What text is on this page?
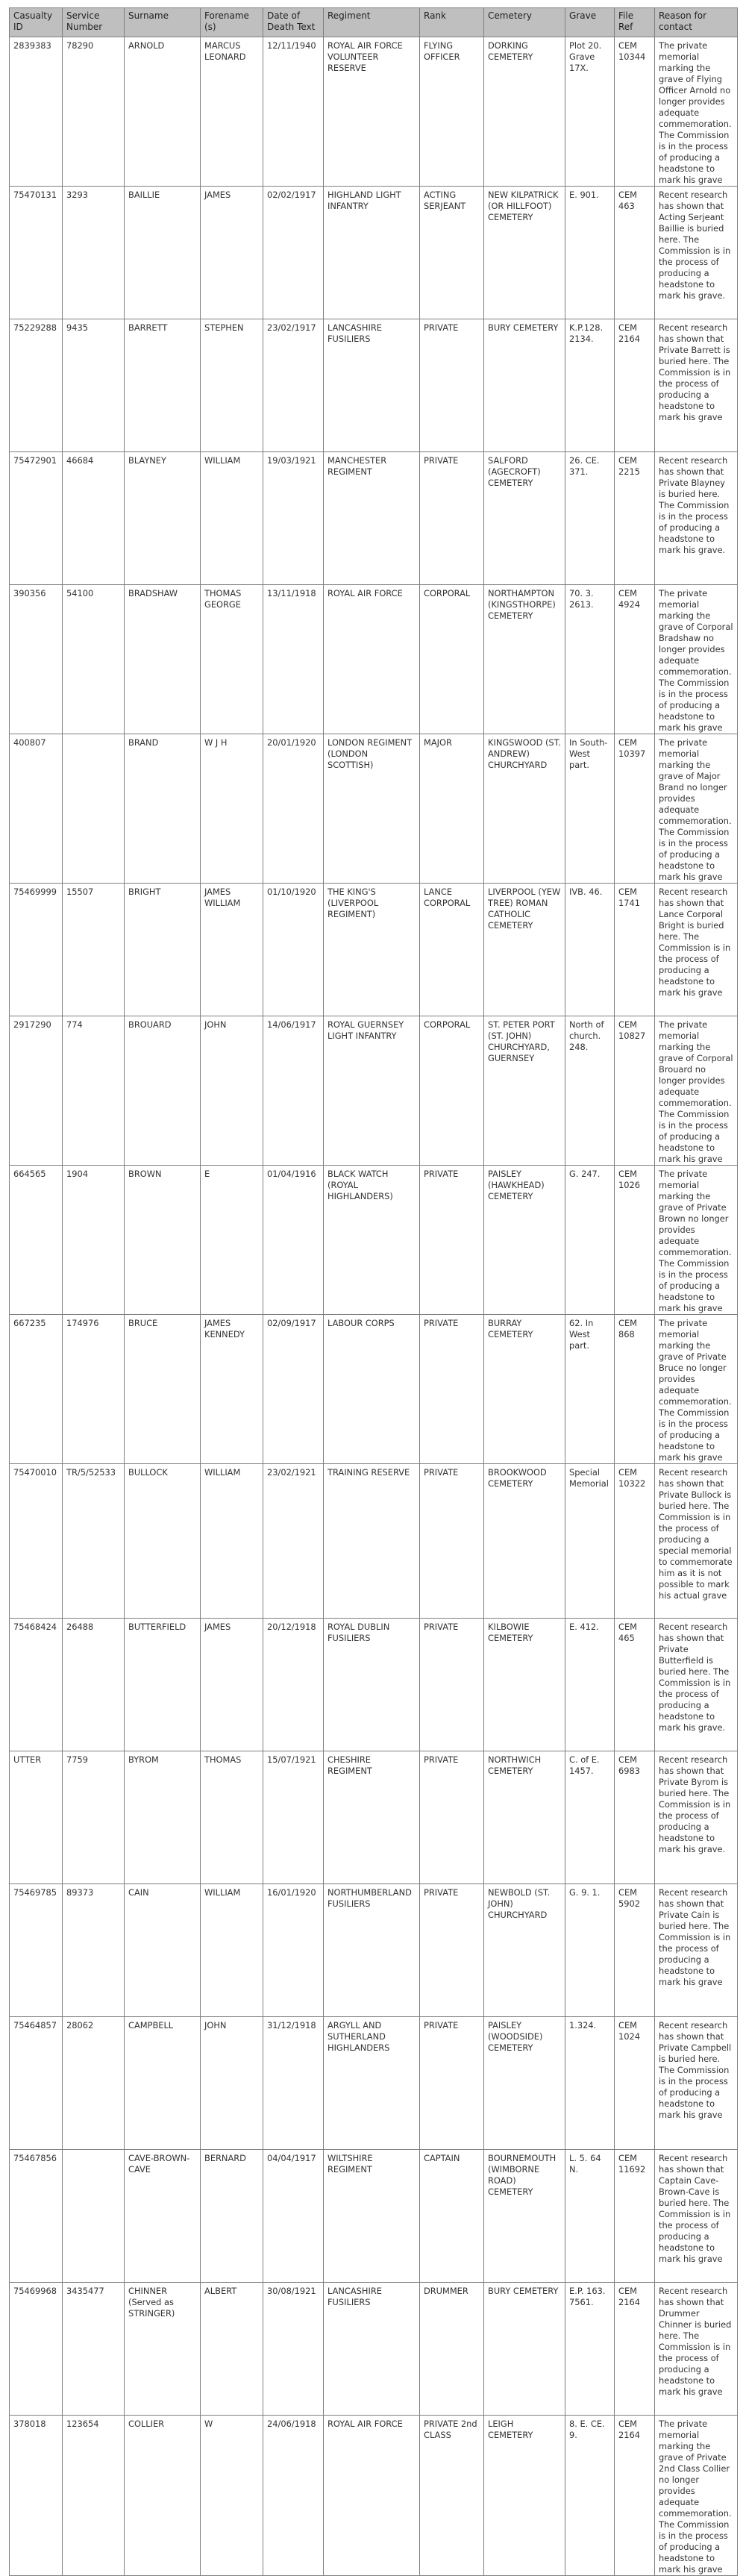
Casualty ID	Service Number	Surname	Forename (s)	Date of Death Text	Regiment	Rank	Cemetery	Grave	File Ref	Reason for contact
2839383	78290	ARNOLD	MARCUS LEONARD	12/11/1940	ROYAL AIR FORCE VOLUNTEER RESERVE	FLYING OFFICER	DORKING CEMETERY	Plot 20. Grave 17X.	CEM 10344	The private memorial marking the grave of Flying Officer Arnold no longer provides adequate commemoration. The Commission is in the process of producing a headstone to mark his grave
75470131	3293	BAILLIE	JAMES	02/02/1917	HIGHLAND LIGHT INFANTRY	ACTING SERJEANT	NEW KILPATRICK (OR HILLFOOT) CEMETERY	E. 901.	CEM 463	Recent research has shown that Acting Serjeant Baillie is buried here. The Commission is in the process of producing a headstone to mark his grave.
75229288	9435	BARRETT	STEPHEN	23/02/1917	LANCASHIRE FUSILIERS	PRIVATE	BURY CEMETERY	K.P.128. 2134.	CEM 2164	Recent research has shown that Private Barrett is buried here. The Commission is in the process of producing a headstone to mark his grave
75472901	46684	BLAYNEY	WILLIAM	19/03/1921	MANCHESTER REGIMENT	PRIVATE	SALFORD (AGECROFT) CEMETERY	26. CE. 371.	CEM 2215	Recent research has shown that Private Blayney is buried here. The Commission is in the process of producing a headstone to mark his grave.
390356	54100	BRADSHAW	THOMAS GEORGE	13/11/1918	ROYAL AIR FORCE	CORPORAL	NORTHAMPTON (KINGSTHORPE) CEMETERY	70. 3. 2613.	CEM 4924	The private memorial marking the grave of Corporal Bradshaw no longer provides adequate commemoration. The Commission is in the process of producing a headstone to mark his grave
400807		BRAND	W J H	20/01/1920	LONDON REGIMENT (LONDON SCOTTISH)	MAJOR	KINGSWOOD (ST. ANDREW) CHURCHYARD	In South-West part.	CEM 10397	The private memorial marking the grave of Major Brand no longer provides adequate commemoration. The Commission is in the process of producing a headstone to mark his grave
75469999	15507	BRIGHT	JAMES WILLIAM	01/10/1920	THE KING'S (LIVERPOOL REGIMENT)	LANCE CORPORAL	LIVERPOOL (YEW TREE) ROMAN CATHOLIC CEMETERY	IVB. 46.	CEM 1741	Recent research has shown that Lance Corporal Bright is buried here. The Commission is in the process of producing a headstone to mark his grave
2917290	774	BROUARD	JOHN	14/06/1917	ROYAL GUERNSEY LIGHT INFANTRY	CORPORAL	ST. PETER PORT (ST. JOHN) CHURCHYARD, GUERNSEY	North of church. 248.	CEM 10827	The private memorial marking the grave of Corporal Brouard no longer provides adequate commemoration. The Commission is in the process of producing a headstone to mark his grave
664565	1904	BROWN	E	01/04/1916	BLACK WATCH (ROYAL HIGHLANDERS)	PRIVATE	PAISLEY (HAWKHEAD) CEMETERY	G. 247.	CEM 1026	The private memorial marking the grave of Private Brown no longer provides adequate commemoration. The Commission is in the process of producing a headstone to mark his grave
667235	174976	BRUCE	JAMES KENNEDY	02/09/1917	LABOUR CORPS	PRIVATE	BURRAY CEMETERY	62. In West part.	CEM 868	The private memorial marking the grave of Private Bruce no longer provides adequate commemoration. The Commission is in the process of producing a headstone to mark his grave
75470010	TR/5/52533	BULLOCK	WILLIAM	23/02/1921	TRAINING RESERVE	PRIVATE	BROOKWOOD CEMETERY	Special Memorial	CEM 10322	Recent research has shown that Private Bullock is buried here. The Commission is in the process of producing a special memorial to commemorate him as it is not possible to mark his actual grave
75468424	26488	BUTTERFIELD	JAMES	20/12/1918	ROYAL DUBLIN FUSILIERS	PRIVATE	KILBOWIE CEMETERY	E. 412.	CEM 465	Recent research has shown that Private Butterfield is buried here. The Commission is in the process of producing a headstone to mark his grave.
UTTER	7759	BYROM	THOMAS	15/07/1921	CHESHIRE REGIMENT	PRIVATE	NORTHWICH CEMETERY	C. of E. 1457.	CEM 6983	Recent research has shown that Private Byrom is buried here. The Commission is in the process of producing a headstone to mark his grave.
75469785	89373	CAIN	WILLIAM	16/01/1920	NORTHUMBERLAND FUSILIERS	PRIVATE	NEWBOLD (ST. JOHN) CHURCHYARD	G. 9. 1.	CEM 5902	Recent research has shown that Private Cain is buried here. The Commission is in the process of producing a headstone to mark his grave
75464857	28062	CAMPBELL	JOHN	31/12/1918	ARGYLL AND SUTHERLAND HIGHLANDERS	PRIVATE	PAISLEY (WOODSIDE) CEMETERY	1.324.	CEM 1024	Recent research has shown that Private Campbell is buried here. The Commission is in the process of producing a headstone to mark his grave
75467856		CAVE-BROWN-CAVE	BERNARD	04/04/1917	WILTSHIRE REGIMENT	CAPTAIN	BOURNEMOUTH (WIMBORNE ROAD) CEMETERY	L. 5. 64 N.	CEM 11692	Recent research has shown that Captain Cave-Brown-Cave is buried here. The Commission is in the process of producing a headstone to mark his grave
75469968	3435477	CHINNER (Served as STRINGER)	ALBERT	30/08/1921	LANCASHIRE FUSILIERS	DRUMMER	BURY CEMETERY	E.P. 163. 7561.	CEM 2164	Recent research has shown that Drummer Chinner is buried here. The Commission is in the process of producing a headstone to mark his grave
378018	123654	COLLIER	W	24/06/1918	ROYAL AIR FORCE	PRIVATE 2nd CLASS	LEIGH CEMETERY	8. E. CE. 9.	CEM 2164	The private memorial marking the grave of Private 2nd Class Collier no longer provides adequate commemoration. The Commission is in the process of producing a headstone to mark his grave
